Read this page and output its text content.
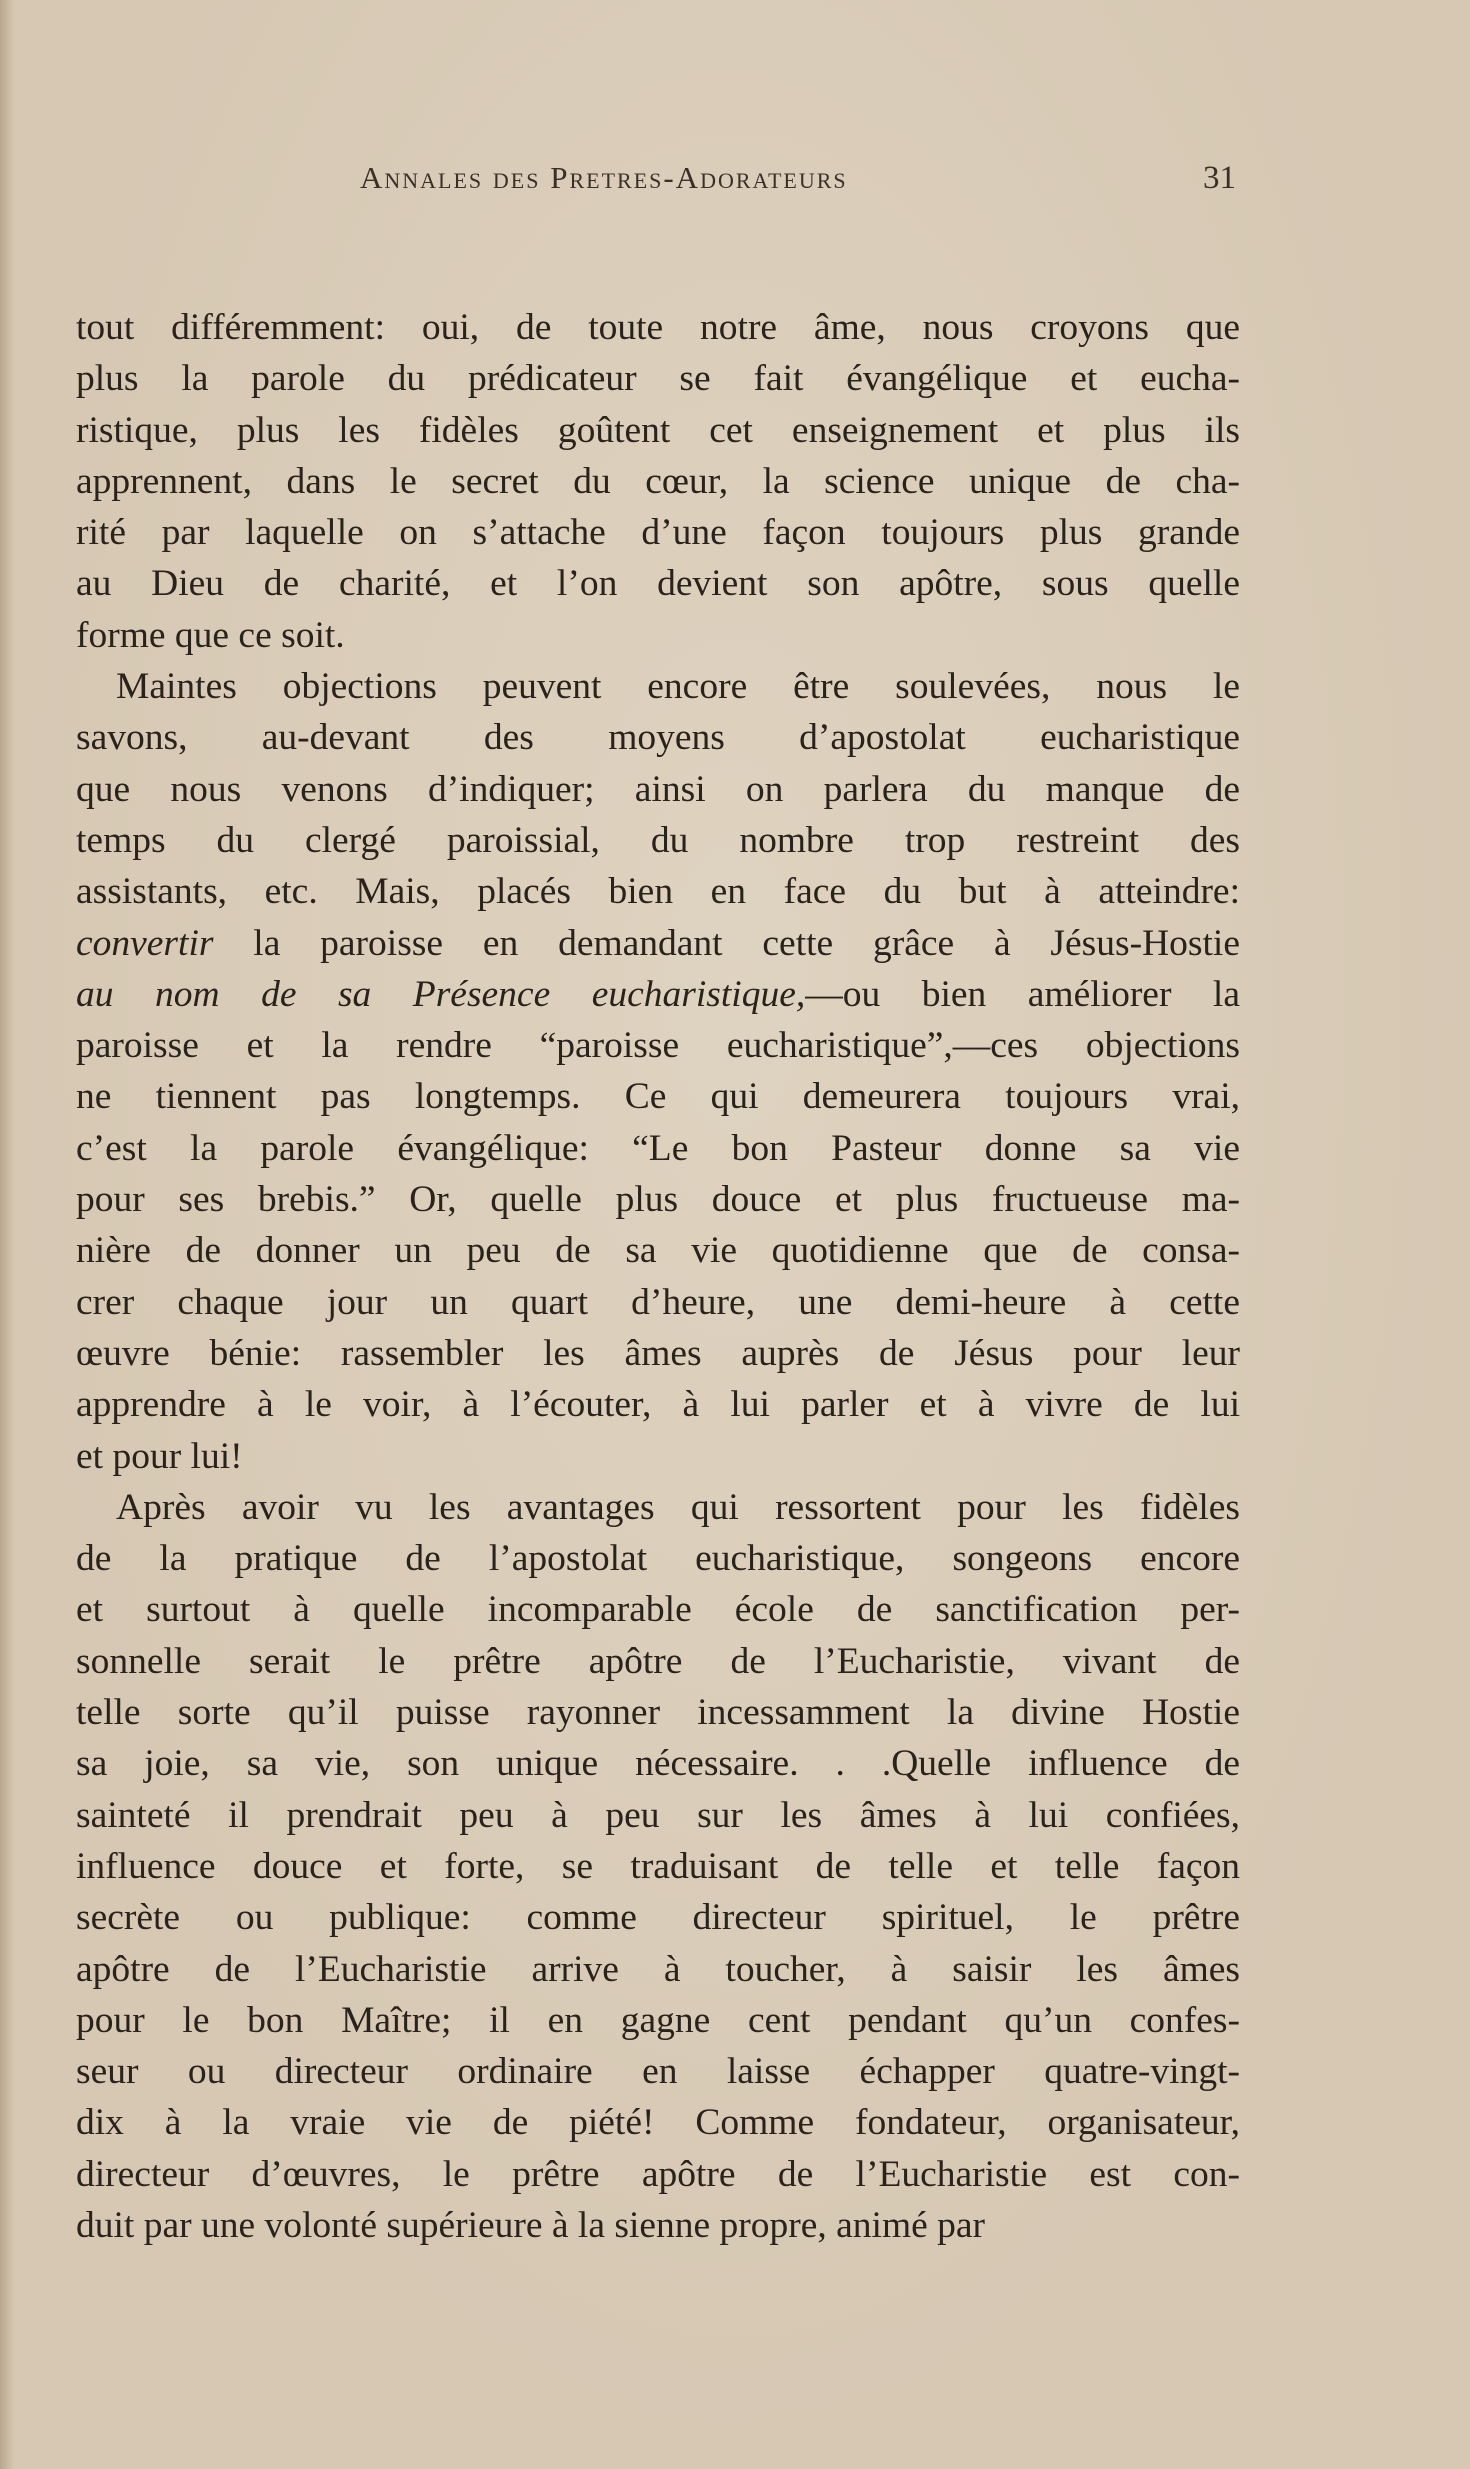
Annales des Pretres-Adorateurs	31
tout différemment: oui, de toute notre âme, nous croyons que
plus la parole du prédicateur se fait évangélique et eucha-
ristique, plus les fidèles goûtent cet enseignement et plus ils
apprennent, dans le secret du cœur, la science unique de cha-
rité par laquelle on s’attache d’une façon toujours plus grande
au Dieu de charité, et l’on devient son apôtre, sous quelle
forme que ce soit.
Maintes objections peuvent encore être soulevées, nous le
savons, au-devant des moyens d’apostolat eucharistique
que nous venons d’indiquer; ainsi on parlera du manque de
temps du clergé paroissial, du nombre trop restreint des
assistants, etc. Mais, placés bien en face du but à atteindre:
convertir la paroisse en demandant cette grâce à Jésus-Hostie
au nom de sa Présence eucharistique,—ou bien améliorer la
paroisse et la rendre “paroisse eucharistique”,—ces objections
ne tiennent pas longtemps. Ce qui demeurera toujours vrai,
c’est la parole évangélique: “Le bon Pasteur donne sa vie
pour ses brebis.” Or, quelle plus douce et plus fructueuse ma-
nière de donner un peu de sa vie quotidienne que de consa-
crer chaque jour un quart d’heure, une demi-heure à cette
œuvre bénie: rassembler les âmes auprès de Jésus pour leur
apprendre à le voir, à l’écouter, à lui parler et à vivre de lui
et pour lui!
Après avoir vu les avantages qui ressortent pour les fidèles
de la pratique de l’apostolat eucharistique, songeons encore
et surtout à quelle incomparable école de sanctification per-
sonnelle serait le prêtre apôtre de l’Eucharistie, vivant de
telle sorte qu’il puisse rayonner incessamment la divine Hostie
sa joie, sa vie, son unique nécessaire. . .Quelle influence de
sainteté il prendrait peu à peu sur les âmes à lui confiées,
influence douce et forte, se traduisant de telle et telle façon
secrète ou publique: comme directeur spirituel, le prêtre
apôtre de l’Eucharistie arrive à toucher, à saisir les âmes
pour le bon Maître; il en gagne cent pendant qu’un confes-
seur ou directeur ordinaire en laisse échapper quatre-vingt-
dix à la vraie vie de piété! Comme fondateur, organisateur,
directeur d’œuvres, le prêtre apôtre de l’Eucharistie est con-
duit par une volonté supérieure à la sienne propre, animé par
